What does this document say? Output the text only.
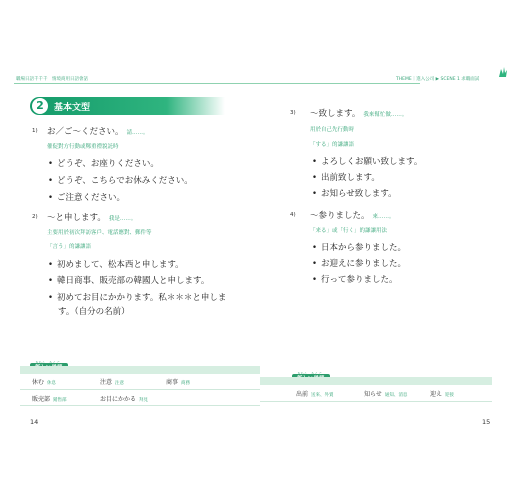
職場日語千千千　情境商用日語會話
2	基本文型
1) お／ご～ください。 請……。
催促對方行動或鄭重禮貌託時
• どうぞ、お座りください。
• どうぞ、こちらでお休みください。
• ご注意ください。
2) ～と申します。 我是……。
主要用於初次拜訪客戶、電話應對、郵件等
「言う」的謙讓語
• 初めまして、松本西と申します。
• 韓日商事、販売部の韓國人と申します。
• 初めてお目にかかります。私＊＊＊と申しま
す。（自分の名前）
あたら　たんご
休む 休息	注意 注意	商事 商務
販売部 銷售部	お目にかかる 拜見
14
THEME｜進入公司 ▶ SCENE 1 求職面試
3) ～致します。 我來幫忙做……。
用於自己先行動時
「する」的謙讓語
• よろしくお願い致します。
• 出前致します。
• お知らせ致します。
4) ～参りました。 來……。
「来る」或「行く」的謙讓用法
• 日本から参りました。
• お迎えに参りました。
• 行って参りました。
あたら　たんご
出前 送來、外賣	知らせ 通知、消息	迎え 迎接
15
